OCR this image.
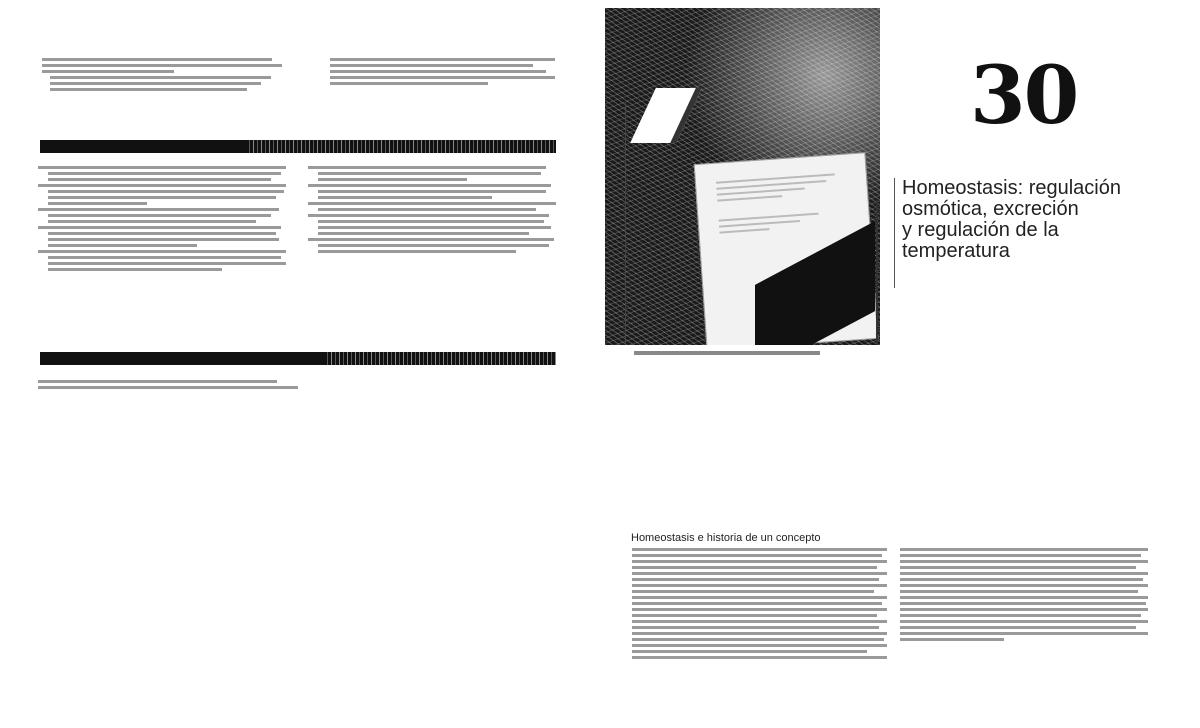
30
Homeostasis: regulación
osmótica, excreción
y regulación de la
temperatura
Homeostasis e historia de un concepto
